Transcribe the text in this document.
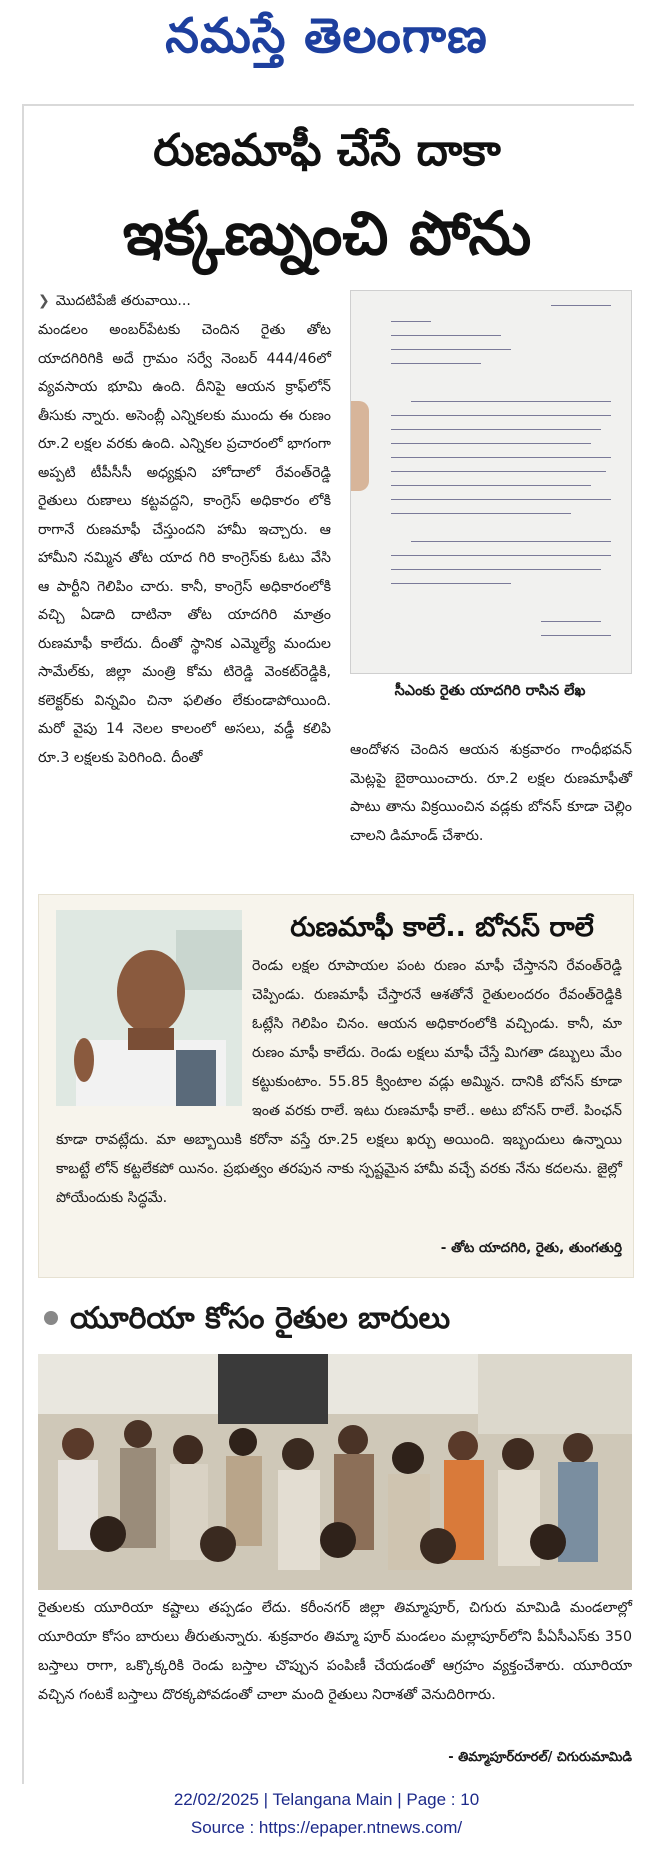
నమస్తే తెలంగాణ
రుణమాఫీ చేసే దాకా
ఇక్కణ్నుంచి పోను
❯ మొదటిపేజీ తరువాయి...

మండలం అంబర్‌పేటకు చెందిన రైతు తోట యాదగిరిగికి అదే గ్రామం సర్వే నెంబర్ 444/46లో వ్యవసాయ భూమి ఉంది. దీనిపై ఆయన క్రాఫ్‌లోన్ తీసుకు న్నారు. అసెంబ్లీ ఎన్నికలకు ముందు ఈ రుణం రూ.2 లక్షల వరకు ఉంది. ఎన్నికల ప్రచారంలో భాగంగా అప్పటి టీపీసీసీ అధ్యక్షుని హోదాలో రేవంత్‌రెడ్డి రైతులు రుణాలు కట్టవద్దని, కాంగ్రెస్ అధికారం లోకి రాగానే రుణమాఫీ చేస్తుందని హామీ ఇచ్చారు. ఆ హామీని నమ్మిన తోట యాద గిరి కాంగ్రెస్‌కు ఓటు వేసి ఆ పార్టీని గెలిపిం చారు. కానీ, కాంగ్రెస్ అధికారంలోకి వచ్చి ఏడాది దాటినా తోట యాదగిరి మాత్రం రుణమాఫీ కాలేదు. దీంతో స్థానిక ఎమ్మెల్యే మందుల సామేల్‌కు, జిల్లా మంత్రి కోమ టిరెడ్డి వెంకట్‌రెడ్డికి, కలెక్టర్‌కు విన్నవిం చినా ఫలితం లేకుండాపోయింది. మరో వైపు 14 నెలల కాలంలో అసలు, వడ్డీ కలిపి రూ.3 లక్షలకు పెరిగింది. దీంతో

సీఎంకు రైతు యాదగిరి రాసిన లేఖ

ఆందోళన చెందిన ఆయన శుక్రవారం గాంధీభవన్ మెట్లపై బైఠాయించారు. రూ.2 లక్షల రుణమాఫీతో పాటు తాను విక్రయించిన వడ్లకు బోనస్ కూడా చెల్లిం చాలని డిమాండ్ చేశారు.

రుణమాఫీ కాలే.. బోనస్ రాలే
రెండు లక్షల రూపాయల పంట రుణం మాఫీ చేస్తానని రేవంత్‌రెడ్డి చెప్పిండు. రుణమాఫీ చేస్తారనే ఆశతోనే రైతులందరం రేవంత్‌రెడ్డికి ఓట్లేసి గెలిపిం చినం. ఆయన అధికారంలోకి వచ్చిండు. కానీ, మా రుణం మాఫీ కాలేదు. రెండు లక్షలు మాఫీ చేస్తే మిగతా డబ్బులు మేం కట్టుకుంటాం. 55.85 క్వింటాల వడ్లు అమ్మిన. దానికి బోనస్ కూడా ఇంత వరకు రాలే. ఇటు రుణమాఫీ కాలే.. అటు బోనస్ రాలే. పింఛన్ కూడా రావట్లేదు. మా అబ్బాయికి కరోనా వస్తే రూ.25 లక్షలు ఖర్చు అయింది. ఇబ్బందులు ఉన్నాయి కాబట్టే లోన్ కట్టలేకపో యినం. ప్రభుత్వం తరపున నాకు స్పష్టమైన హామీ వచ్చే వరకు నేను కదలను. జైల్లో పోయేందుకు సిద్ధమే.
- తోట యాదగిరి, రైతు, తుంగతుర్తి
యూరియా కోసం రైతుల బారులు
రైతులకు యూరియా కష్టాలు తప్పడం లేదు. కరీంనగర్ జిల్లా తిమ్మాపూర్, చిగురు మామిడి మండలాల్లో యూరియా కోసం బారులు తీరుతున్నారు. శుక్రవారం తిమ్మా పూర్ మండలం మల్లాపూర్‌లోని పీఏసీఎస్‌కు 350 బస్తాలు రాగా, ఒక్కొక్కరికి రెండు బస్తాల చొప్పున పంపిణీ చేయడంతో ఆగ్రహం వ్యక్తంచేశారు. యూరియా వచ్చిన గంటకే బస్తాలు దొరక్కపోవడంతో చాలా మంది రైతులు నిరాశతో వెనుదిరిగారు.
- తిమ్మాపూర్‌రూరల్/ చిగురుమామిడి
22/02/2025 | Telangana Main | Page : 10
Source : https://epaper.ntnews.com/
